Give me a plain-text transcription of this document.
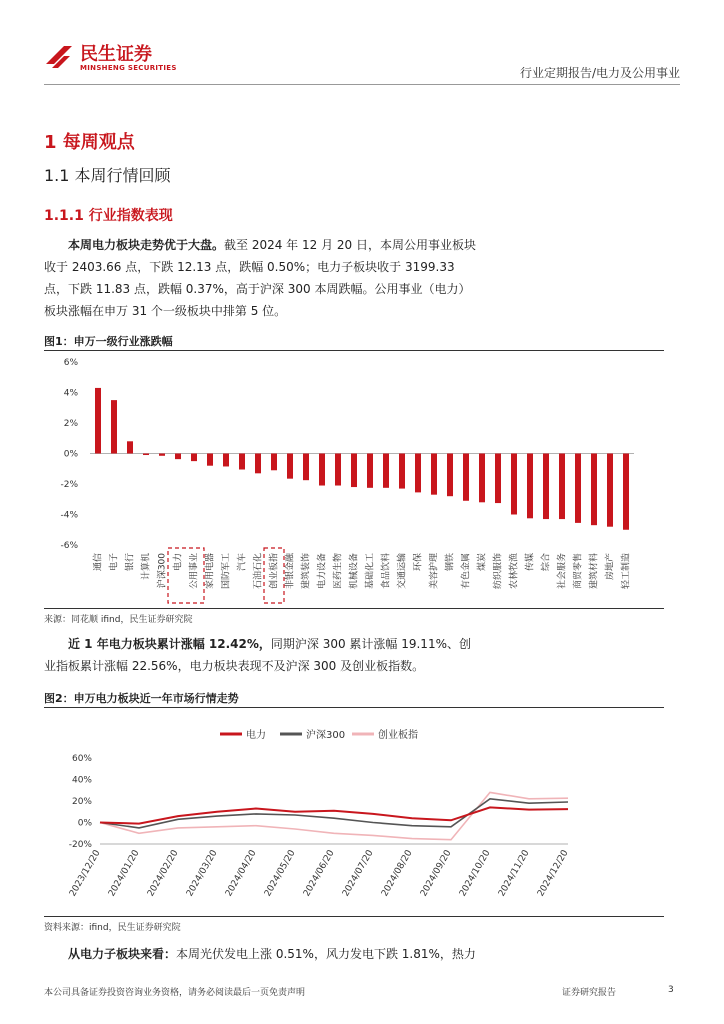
民生证券
MINSHENG SECURITIES	行业定期报告/电力及公用事业
1 每周观点
1.1 本周行情回顾
1.1.1 行业指数表现
本周电力板块走势优于大盘。截至 2024 年 12 月 20 日，本周公用事业板块收于 2403.66 点，下跌 12.13 点，跌幅 0.50%；电力子板块收于 3199.33 点，下跌 11.83 点，跌幅 0.37%，高于沪深 300 本周跌幅。公用事业（电力）板块涨幅在申万 31 个一级板块中排第 5 位。
图1：申万一级行业涨跌幅
6%
4%
2%
0%
-2%
-4%
-6%
通信 电子 银行 计算机 沪深300 电力 公用事业 家用电器 国防军工 汽车 石油石化 创业板指 非银金融 建筑装饰 电力设备 医药生物 机械设备 基础化工 食品饮料 交通运输 环保 美容护理 钢铁 有色金属 煤炭 纺织服饰 农林牧渔 传媒 综合 社会服务 商贸零售 建筑材料 房地产 轻工制造
来源：同花顺 ifind，民生证券研究院
近 1 年电力板块累计涨幅 12.42%，同期沪深 300 累计涨幅 19.11%、创业指板累计涨幅 22.56%，电力板块表现不及沪深 300 及创业板指数。
图2：申万电力板块近一年市场行情走势
电力	沪深300	创业板指
60%
40%
20%
0%
-20%
2023/12/20 2024/01/20 2024/02/20 2024/03/20 2024/04/20 2024/05/20 2024/06/20 2024/07/20 2024/08/20 2024/09/20 2024/10/20 2024/11/20 2024/12/20
资料来源：ifind，民生证券研究院
从电力子板块来看：本周光伏发电上涨 0.51%，风力发电下跌 1.81%，热力
本公司具备证券投资咨询业务资格，请务必阅读最后一页免责声明	证券研究报告	3
